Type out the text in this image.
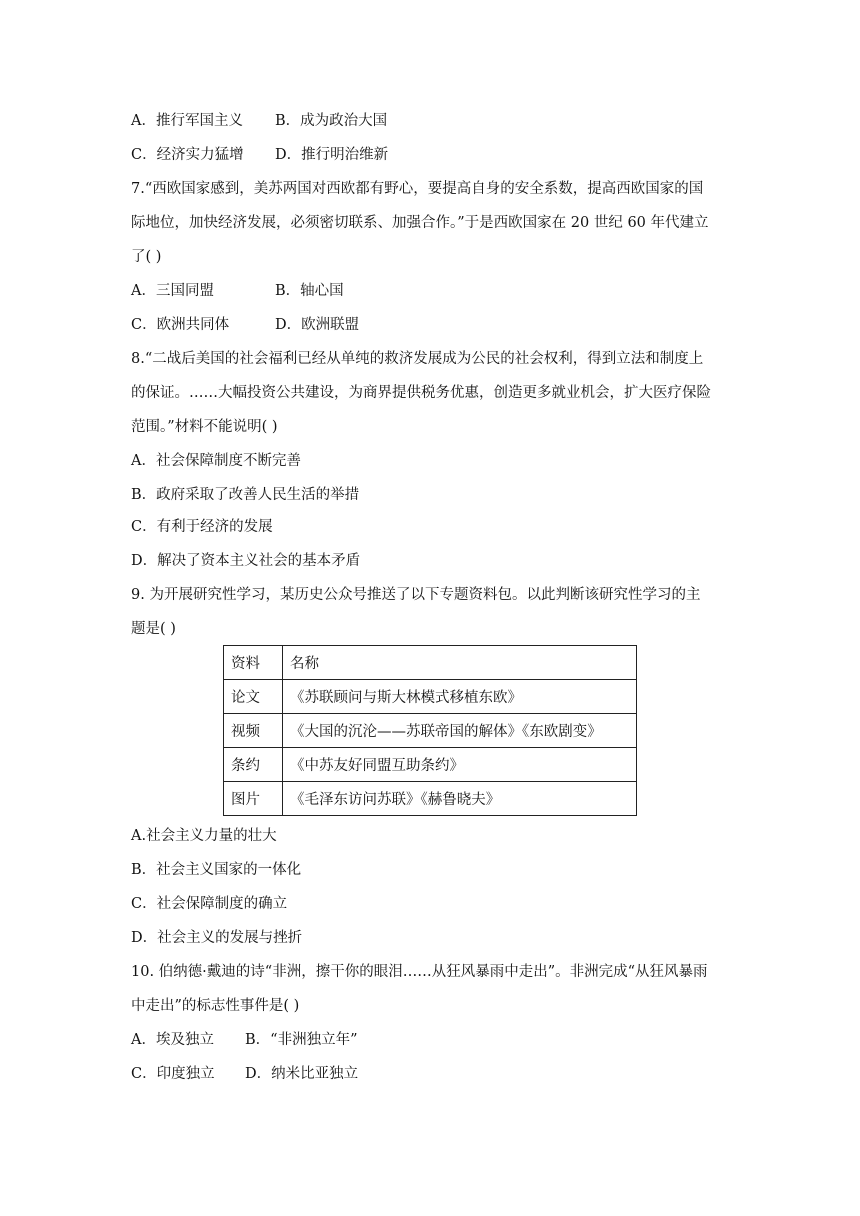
A．推行军国主义 B．成为政治大国
C．经济实力猛增 D．推行明治维新
7.“西欧国家感到，美苏两国对西欧都有野心，要提高自身的安全系数，提高西欧国家的国
际地位，加快经济发展，必须密切联系、加强合作。”于是西欧国家在 20 世纪 60 年代建立
了( )
A．三国同盟	B．轴心国
C．欧洲共同体	D．欧洲联盟
8.“二战后美国的社会福利已经从单纯的救济发展成为公民的社会权利，得到立法和制度上
的保证。……大幅投资公共建设，为商界提供税务优惠，创造更多就业机会，扩大医疗保险
范围。”材料不能说明( )
A．社会保障制度不断完善
B．政府采取了改善人民生活的举措
C．有利于经济的发展
D．解决了资本主义社会的基本矛盾
9. 为开展研究性学习，某历史公众号推送了以下专题资料包。以此判断该研究性学习的主
题是( )
资料	名称
论文	《苏联顾问与斯大林模式移植东欧》
视频	《大国的沉沦——苏联帝国的解体》《东欧剧变》
条约	《中苏友好同盟互助条约》
图片	《毛泽东访问苏联》《赫鲁晓夫》
A.社会主义力量的壮大
B．社会主义国家的一体化
C．社会保障制度的确立
D．社会主义的发展与挫折
10. 伯纳德·戴迪的诗“非洲，擦干你的眼泪……从狂风暴雨中走出”。非洲完成“从狂风暴雨
中走出”的标志性事件是( )
A．埃及独立 B．“非洲独立年”
C．印度独立 D．纳米比亚独立
